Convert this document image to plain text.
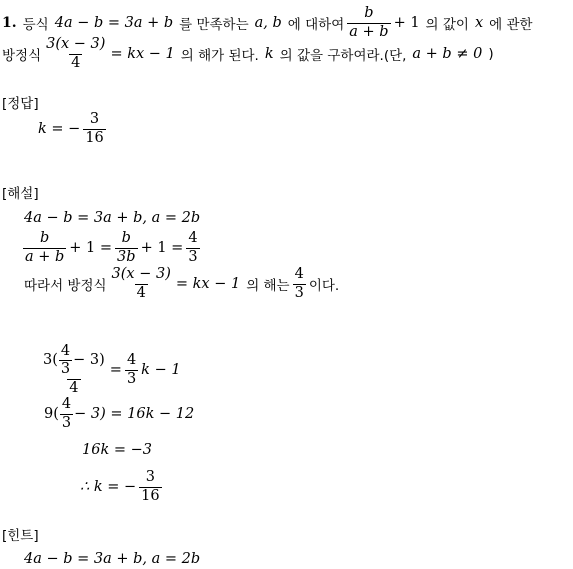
1. 등식 4a − b = 3a + b 를 만족하는 a, b 에 대하여 $\frac{b}{a + b} + 1$ 의 값이 x 에 관한
방정식 $\frac{3(x - 3)}{4}$ = kx − 1 의 해가 된다. k 의 값을 구하여라.(단, a + b ≠ 0 )
[정답]
k = − $\frac{3}{16}$
[해설]
4a − b = 3a + b, a = 2b
$\frac{b}{a + b} + 1 = \frac{b}{3b} + 1 = \frac{4}{3}$
따라서 방정식 $\frac{3(x - 3)}{4}$ = kx − 1 의 해는 $\frac{4}{3}$ 이다.
$\frac{3( \frac{4}{3} - 3)}{4} = \frac{4}{3}$ k − 1
$9( \frac{4}{3} - 3) = 16k - 12$
16k = −3
∴ k = − $\frac{3}{16}$
[힌트]
4a − b = 3a + b, a = 2b
